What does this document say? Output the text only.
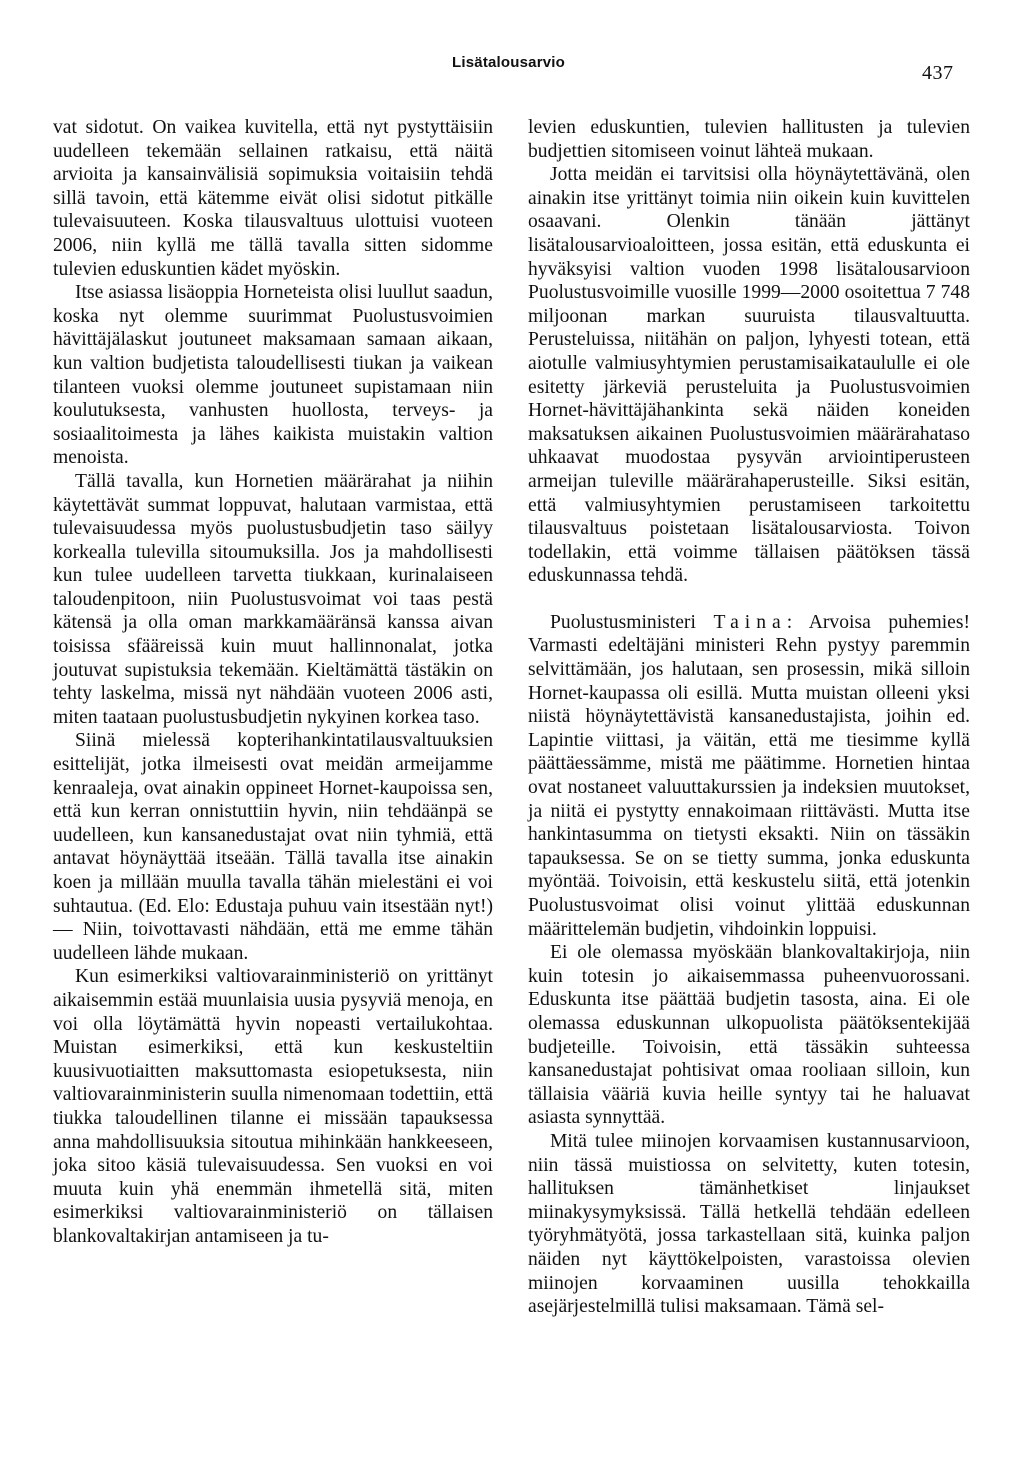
Lisätalousarvio	437

vat sidotut. On vaikea kuvitella, että nyt pystyttäisiin uudelleen tekemään sellainen ratkaisu, että näitä arvioita ja kansainvälisiä sopimuksia voitaisiin tehdä sillä tavoin, että kätemme eivät olisi sidotut pitkälle tulevaisuuteen. Koska tilausvaltuus ulottuisi vuoteen 2006, niin kyllä me tällä tavalla sitten sidomme tulevien eduskuntien kädet myöskin.

Itse asiassa lisäoppia Horneteista olisi luullut saadun, koska nyt olemme suurimmat Puolustusvoimien hävittäjälaskut joutuneet maksamaan samaan aikaan, kun valtion budjetista taloudellisesti tiukan ja vaikean tilanteen vuoksi olemme joutuneet supistamaan niin koulutuksesta, vanhusten huollosta, terveys- ja sosiaalitoimesta ja lähes kaikista muistakin valtion menoista.

Tällä tavalla, kun Hornetien määrärahat ja niihin käytettävät summat loppuvat, halutaan varmistaa, että tulevaisuudessa myös puolustusbudjetin taso säilyy korkealla tulevilla sitoumuksilla. Jos ja mahdollisesti kun tulee uudelleen tarvetta tiukkaan, kurinalaiseen taloudenpitoon, niin Puolustusvoimat voi taas pestä kätensä ja olla oman markkamääränsä kanssa aivan toisissa sfääreissä kuin muut hallinnonalat, jotka joutuvat supistuksia tekemään. Kieltämättä tästäkin on tehty laskelma, missä nyt nähdään vuoteen 2006 asti, miten taataan puolustusbudjetin nykyinen korkea taso.

Siinä mielessä kopterihankintatilausvaltuuksien esittelijät, jotka ilmeisesti ovat meidän armeijamme kenraaleja, ovat ainakin oppineet Hornet-kaupoissa sen, että kun kerran onnistuttiin hyvin, niin tehdäänpä se uudelleen, kun kansanedustajat ovat niin tyhmiä, että antavat höynäyttää itseään. Tällä tavalla itse ainakin koen ja millään muulla tavalla tähän mielestäni ei voi suhtautua. (Ed. Elo: Edustaja puhuu vain itsestään nyt!) — Niin, toivottavasti nähdään, että me emme tähän uudelleen lähde mukaan.

Kun esimerkiksi valtiovarainministeriö on yrittänyt aikaisemmin estää muunlaisia uusia pysyviä menoja, en voi olla löytämättä hyvin nopeasti vertailukohtaa. Muistan esimerkiksi, että kun keskusteltiin kuusivuotiaitten maksuttomasta esiopetuksesta, niin valtiovarainministerin suulla nimenomaan todettiin, että tiukka taloudellinen tilanne ei missään tapauksessa anna mahdollisuuksia sitoutua mihinkään hankkeeseen, joka sitoo käsiä tulevaisuudessa. Sen vuoksi en voi muuta kuin yhä enemmän ihmetellä sitä, miten esimerkiksi valtiovarainministeriö on tällaisen blankovaltakirjan antamiseen ja tu-

levien eduskuntien, tulevien hallitusten ja tulevien budjettien sitomiseen voinut lähteä mukaan.

Jotta meidän ei tarvitsisi olla höynäytettävänä, olen ainakin itse yrittänyt toimia niin oikein kuin kuvittelen osaavani. Olenkin tänään jättänyt lisätalousarvioaloitteen, jossa esitän, että eduskunta ei hyväksyisi valtion vuoden 1998 lisätalousarvioon Puolustusvoimille vuosille 1999—2000 osoitettua 7 748 miljoonan markan suuruista tilausvaltuutta. Perusteluissa, niitähän on paljon, lyhyesti totean, että aiotulle valmiusyhtymien perustamisaikataululle ei ole esitetty järkeviä perusteluita ja Puolustusvoimien Hornet-hävittäjähankinta sekä näiden koneiden maksatuksen aikainen Puolustusvoimien määrärahataso uhkaavat muodostaa pysyvän arviointiperusteen armeijan tuleville määrärahaperusteille. Siksi esitän, että valmiusyhtymien perustamiseen tarkoitettu tilausvaltuus poistetaan lisätalousarviosta. Toivon todellakin, että voimme tällaisen päätöksen tässä eduskunnassa tehdä.

Puolustusministeri Taina: Arvoisa puhemies! Varmasti edeltäjäni ministeri Rehn pystyy paremmin selvittämään, jos halutaan, sen prosessin, mikä silloin Hornet-kaupassa oli esillä. Mutta muistan olleeni yksi niistä höynäytettävistä kansanedustajista, joihin ed. Lapintie viittasi, ja väitän, että me tiesimme kyllä päättäessämme, mistä me päätimme. Hornetien hintaa ovat nostaneet valuuttakurssien ja indeksien muutokset, ja niitä ei pystytty ennakoimaan riittävästi. Mutta itse hankintasumma on tietysti eksakti. Niin on tässäkin tapauksessa. Se on se tietty summa, jonka eduskunta myöntää. Toivoisin, että keskustelu siitä, että jotenkin Puolustusvoimat olisi voinut ylittää eduskunnan määrittelemän budjetin, vihdoinkin loppuisi.

Ei ole olemassa myöskään blankovaltakirjoja, niin kuin totesin jo aikaisemmassa puheenvuorossani. Eduskunta itse päättää budjetin tasosta, aina. Ei ole olemassa eduskunnan ulkopuolista päätöksentekijää budjeteille. Toivoisin, että tässäkin suhteessa kansanedustajat pohtisivat omaa rooliaan silloin, kun tällaisia vääriä kuvia heille syntyy tai he haluavat asiasta synnyttää.

Mitä tulee miinojen korvaamisen kustannusarvioon, niin tässä muistiossa on selvitetty, kuten totesin, hallituksen tämänhetkiset linjaukset miinakysymyksissä. Tällä hetkellä tehdään edelleen työryhmätyötä, jossa tarkastellaan sitä, kuinka paljon näiden nyt käyttökelpoisten, varastoissa olevien miinojen korvaaminen uusilla tehokkailla asejärjestelmillä tulisi maksamaan. Tämä sel-
